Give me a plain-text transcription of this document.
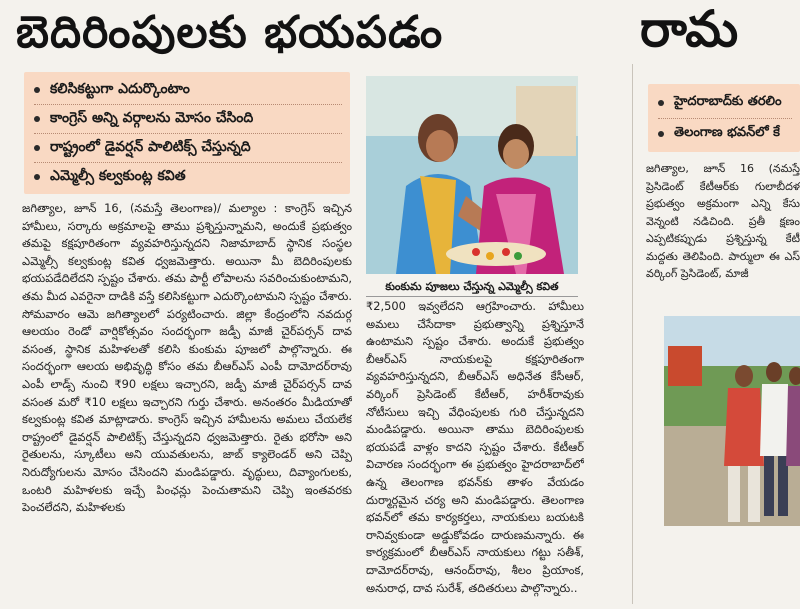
బెదిరింపులకు భయపడం	రామ
కలిసికట్టుగా ఎదుర్కొంటాం
కాంగ్రెస్ అన్ని వర్గాలను మోసం చేసింది
రాష్ట్రంలో డైవర్షన్ పాలిటిక్స్ చేస్తున్నది
ఎమ్మెల్సీ కల్వకుంట్ల కవిత
హైదరాబాద్‌కు తరలిం
తెలంగాణ భవన్‌లో కే

జగిత్యాల, జూన్ 16, (నమస్తే తెలంగాణ)/ మల్యాల : కాంగ్రెస్ ఇచ్చిన హామీలు, సర్కారు అక్రమాలపై తాము ప్రశ్నిస్తున్నామని, అందుకే ప్రభుత్వం తమపై కక్షపూరితంగా వ్యవహరిస్తున్నదని నిజామాబాద్ స్థానిక సంస్థల ఎమ్మెల్సీ కల్వకుంట్ల కవిత ధ్వజమెత్తారు. అయినా మీ బెదిరింపులకు భయపడేదిలేదని స్పష్టం చేశారు. తమ పార్టీ లోపాలను సవరించుకుంటామని, తమ మీద ఎవరైనా దాడికి వస్తే కలిసికట్టుగా ఎదుర్కొంటామని స్పష్టం చేశారు. సోమవారం ఆమె జగిత్యాలలో పర్యటించారు. జిల్లా కేంద్రంలోని నవదుర్గ ఆలయం రెండో వార్షికోత్సవం సందర్భంగా జడ్పీ మాజీ చైర్‌పర్సన్ దావ వసంత, స్థానిక మహిళలతో కలిసి కుంకుమ పూజలో పాల్గొన్నారు. ఈ సందర్భంగా ఆలయ అభివృద్ధి కోసం తమ బీఆర్‌ఎస్ ఎంపీ దామోదర్‌రావు ఎంపీ లాడ్స్ నుంచి ₹90 లక్షలు ఇచ్చారని, జడ్పీ మాజీ చైర్‌పర్సన్ దావ వసంత మరో ₹10 లక్షలు ఇచ్చారని గుర్తు చేశారు. అనంతరం మీడియాతో కల్వకుంట్ల కవిత మాట్లాడారు. కాంగ్రెస్ ఇచ్చిన హామీలను అమలు చేయలేక రాష్ట్రంలో డైవర్షన్ పాలిటిక్స్ చేస్తున్నదని ధ్వజమెత్తారు. రైతు భరోసా అని రైతులను, స్కూటీలు అని యువతులను, జాబ్ క్యాలెండర్ అని చెప్పి నిరుద్యోగులను మోసం చేసిందని మండిపడ్డారు. వృద్ధులు, దివ్యాంగులకు, ఒంటరి మహిళలకు ఇచ్చే పింఛన్లు పెంచుతామని చెప్పి ఇంతవరకు పెంచలేదని, మహిళలకు

కుంకుమ పూజలు చేస్తున్న ఎమ్మెల్సీ కవిత

₹2,500 ఇవ్వలేదని ఆగ్రహించారు. హామీలు అమలు చేసేదాకా ప్రభుత్వాన్ని ప్రశ్నిస్తూనే ఉంటామని స్పష్టం చేశారు. అందుకే ప్రభుత్వం బీఆర్‌ఎస్ నాయకులపై కక్షపూరితంగా వ్యవహరిస్తున్నదని, బీఆర్‌ఎస్ అధినేత కేసీఆర్, వర్కింగ్ ప్రెసిడెంట్ కేటీఆర్, హరీశ్‌రావుకు నోటీసులు ఇచ్చి వేధింపులకు గురి చేస్తున్నదని మండిపడ్డారు. అయినా తాము బెదిరింపులకు భయపడే వాళ్లం కాదని స్పష్టం చేశారు. కేటీఆర్ విచారణ సందర్భంగా ఈ ప్రభుత్వం హైదరాబాద్‌లో ఉన్న తెలంగాణ భవన్‌కు తాళం వేయడం దుర్మార్గమైన చర్య అని మండిపడ్డారు. తెలంగాణ భవన్‌లో తమ కార్యకర్తలు, నాయకులు బయటకి రానివ్వకుండా అడ్డుకోవడం దారుణమన్నారు. ఈ కార్యక్రమంలో బీఆర్‌ఎస్ నాయకులు గట్టు సతీశ్, దామోదర్‌రావు, ఆనంద్‌రావు, శీలం ప్రియాంక, అనురాధ, దావ సురేశ్, తదితరులు పాల్గొన్నారు..

జగిత్యాల, జూన్ 16 (నమస్తే ప్రెసిడెంట్ కేటీఆర్‌కు గులాబీదళ ప్రభుత్వం అక్రమంగా ఎన్ని కేసు వెన్నంటి నడిచింది. ప్రతీ క్షణం ఎప్పటికప్పుడు ప్రశ్నిస్తున్న కేటీ మద్దతు తెలిపింది. పార్ములా ఈ ఎస్ వర్కింగ్ ప్రెసిడెంట్, మాజీ
